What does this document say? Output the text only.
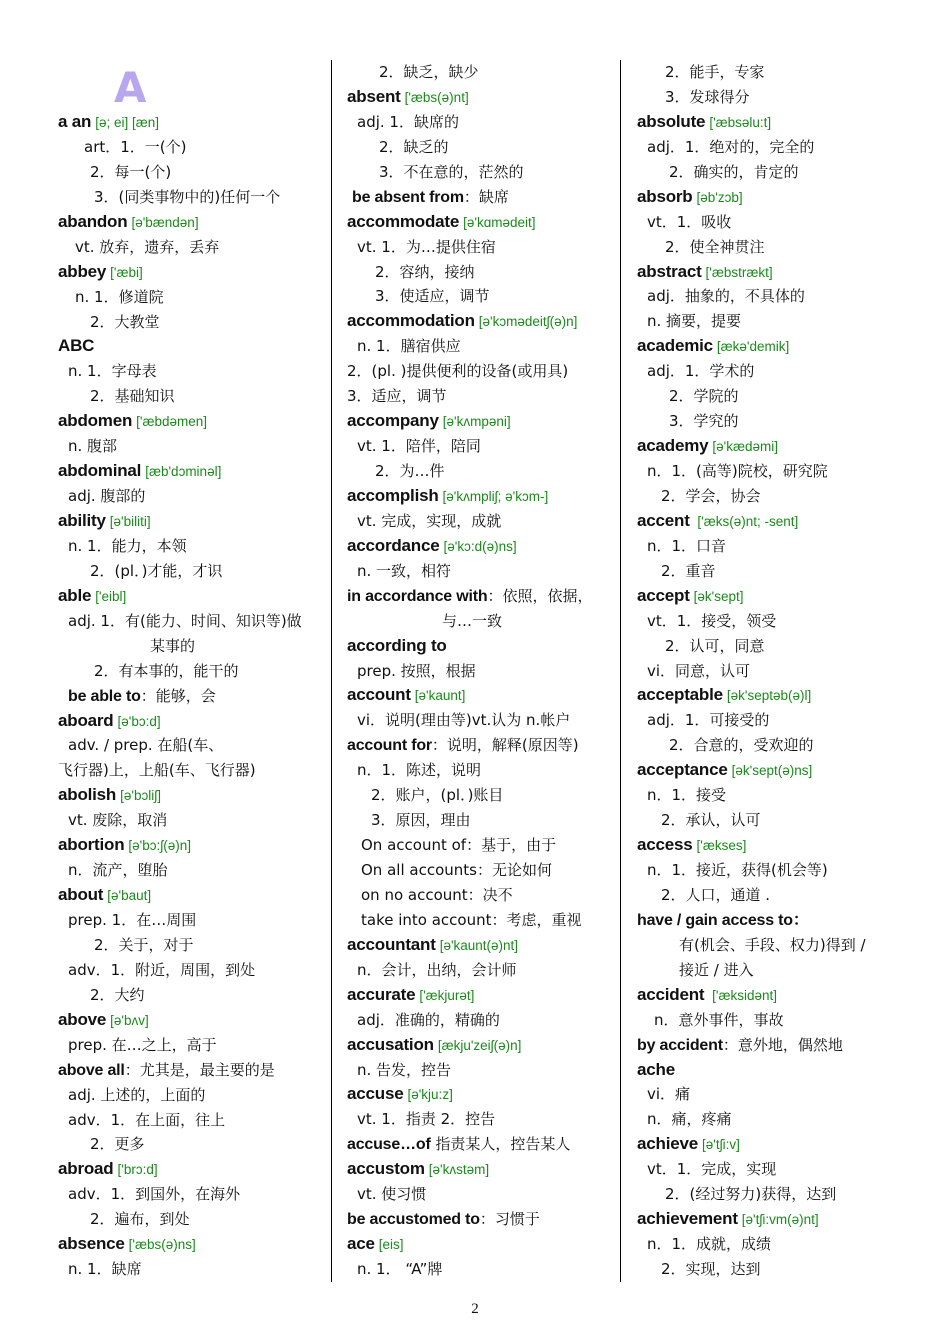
A
a an [ə; ei] [æn]
art．1．一(个)
2．每一(个)
3．(同类事物中的)任何一个
abandon [ə'bændən]
vt. 放弃，遗弃，丢弃
abbey ['æbi]
n. 1．修道院
2．大教堂
ABC
n. 1．字母表
2．基础知识
abdomen ['æbdəmen]
n. 腹部
abdominal [æb'dɔminəl]
adj. 腹部的
ability [ə'biliti]
n. 1．能力，本领
2．(pl．)才能，才识
able ['eibl]
adj. 1．有(能力、时间、知识等)做
某事的
2．有本事的，能干的
be able to：能够，会
aboard [ə'bɔ:d]
adv. / prep. 在船(车、
飞行器)上，上船(车、飞行器)
abolish [ə'bɔliʃ]
vt. 废除，取消
abortion [ə'bɔ:ʃ(ə)n]
n．流产，堕胎
about [ə'baut]
prep. 1．在…周围
2．关于，对于
adv．1．附近，周围，到处
2．大约
above [ə'bʌv]
prep. 在…之上，高于
above all：尤其是，最主要的是
adj. 上述的，上面的
adv．1．在上面，往上
2．更多
abroad ['brɔ:d]
adv．1．到国外，在海外
2．遍布，到处
absence ['æbs(ə)ns]
n. 1．缺席
2．缺乏，缺少
absent ['æbs(ə)nt]
adj. 1．缺席的
2．缺乏的
3．不在意的，茫然的
be absent from：缺席
accommodate [ə'kɑmədeit]
vt. 1．为…提供住宿
2．容纳，接纳
3．使适应，调节
accommodation [ə'kɔmədeitʃ(ə)n]
n. 1．膳宿供应
2．(pl. )提供便利的设备(或用具)
3．适应，调节
accompany [ə'kʌmpəni]
vt. 1．陪伴，陪同
2．为…件
accomplish [ə'kʌmpliʃ; ə'kɔm-]
vt. 完成，实现，成就
accordance [ə'kɔ:d(ə)ns]
n. 一致，相符
in accordance with：依照，依据，
与…一致
according to
prep. 按照，根据
account [ə'kaunt]
vi．说明(理由等)vt.认为 n.帐户
account for：说明，解释(原因等)
n．1．陈述，说明
2．账户，(pl．)账目
3．原因，理由
On account of：基于，由于
On all accounts：无论如何
on no account：决不
take into account：考虑，重视
accountant [ə'kaunt(ə)nt]
n．会计，出纳，会计师
accurate ['ækjurət]
adj．准确的，精确的
accusation [ækju'zeiʃ(ə)n]
n. 告发，控告
accuse [ə'kju:z]
vt. 1．指责 2．控告
accuse…of 指责某人，控告某人
accustom [ə'kʌstəm]
vt. 使习惯
be accustomed to：习惯于
ace [eis]
n. 1． “A”牌
2．能手，专家
3．发球得分
absolute ['æbsəlu:t]
adj．1．绝对的，完全的
2．确实的，肯定的
absorb [əb'zɔb]
vt．1．吸收
2．使全神贯注
abstract ['æbstrækt]
adj．抽象的，不具体的
n. 摘要，提要
academic [ækə'demik]
adj．1．学术的
2．学院的
3．学究的
academy [ə'kædəmi]
n．1．(高等)院校，研究院
2．学会，协会
accent ['æks(ə)nt; -sent]
n．1．口音
2．重音
accept [ək'sept]
vt．1．接受，领受
2．认可，同意
vi．同意，认可
acceptable [ək'septəb(ə)l]
adj．1．可接受的
2．合意的，受欢迎的
acceptance [ək'sept(ə)ns]
n．1．接受
2．承认，认可
access ['ækses]
n．1．接近，获得(机会等)
2．人口，通道 .
have / gain access to：
有(机会、手段、权力)得到 /
接近 / 进入
accident ['æksidənt]
n．意外事件，事故
by accident：意外地，偶然地
ache
vi．痛
n．痛，疼痛
achieve [ə'tʃi:v]
vt．1．完成，实现
2．(经过努力)获得，达到
achievement [ə'tʃi:vm(ə)nt]
n．1．成就，成绩
2．实现，达到
2
